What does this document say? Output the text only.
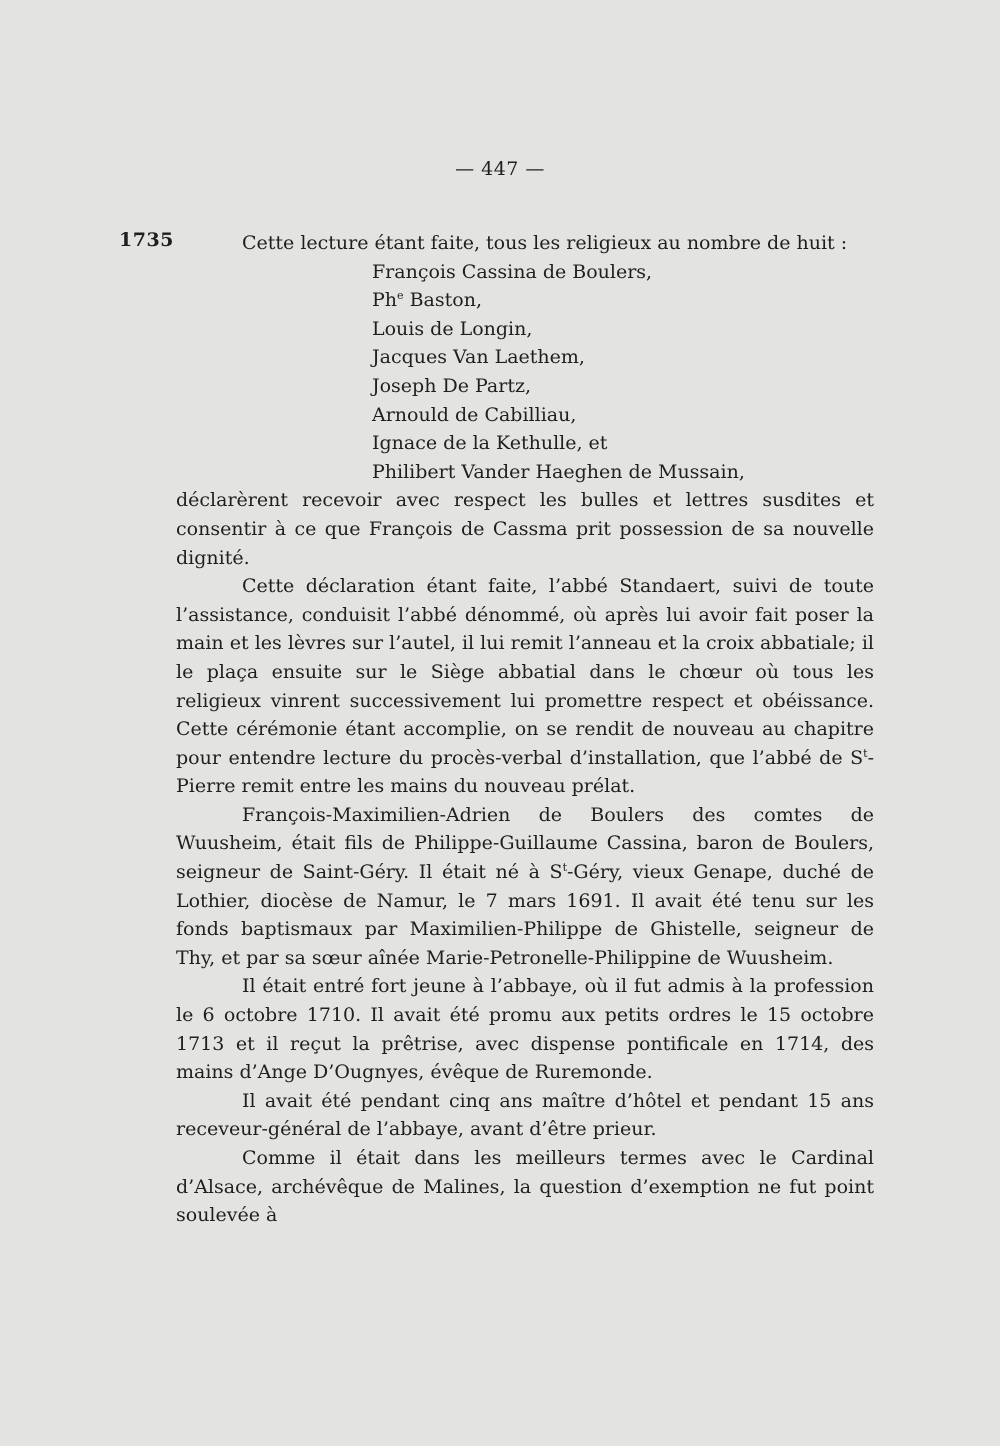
— 447 —
1735	Cette lecture étant faite, tous les religieux au nombre de huit :

François Cassina de Boulers,
Ph$^e$ Baston,
Louis de Longin,
Jacques Van Laethem,
Joseph De Partz,
Arnould de Cabilliau,
Ignace de la Kethulle, et
Philibert Vander Haeghen de Mussain,

déclarèrent recevoir avec respect les bulles et lettres susdites et consentir à ce que François de Cassma prit possession de sa nouvelle dignité.

Cette déclaration étant faite, l’abbé Standaert, suivi de toute l’assistance, conduisit l’abbé dénommé, où après lui avoir fait poser la main et les lèvres sur l’autel, il lui remit l’anneau et la croix abbatiale; il le plaça ensuite sur le Siège abbatial dans le chœur où tous les religieux vinrent successivement lui promettre respect et obéissance. Cette cérémonie étant accomplie, on se rendit de nouveau au chapitre pour entendre lecture du procès-verbal d’installation, que l’abbé de $S^t$-Pierre remit entre les mains du nouveau prélat.

François-Maximilien-Adrien de Boulers des comtes de Wuusheim, était fils de Philippe-Guillaume Cassina, baron de Boulers, seigneur de Saint-Géry. Il était né à $S^t$-Géry, vieux Genape, duché de Lothier, diocèse de Namur, le 7 mars 1691. Il avait été tenu sur les fonds baptismaux par Maximilien-Philippe de Ghistelle, seigneur de Thy, et par sa sœur aînée Marie-Petronelle-Philippine de Wuusheim.

Il était entré fort jeune à l’abbaye, où il fut admis à la profession le 6 octobre 1710. Il avait été promu aux petits ordres le 15 octobre 1713 et il reçut la prêtrise, avec dispense pontificale en 1714, des mains d’Ange D’Ougnyes, évêque de Ruremonde.

Il avait été pendant cinq ans maître d’hôtel et pendant 15 ans receveur-général de l’abbaye, avant d’être prieur.

Comme il était dans les meilleurs termes avec le Cardinal d’Alsace, archévêque de Malines, la question d’exemption ne fut point soulevée à
